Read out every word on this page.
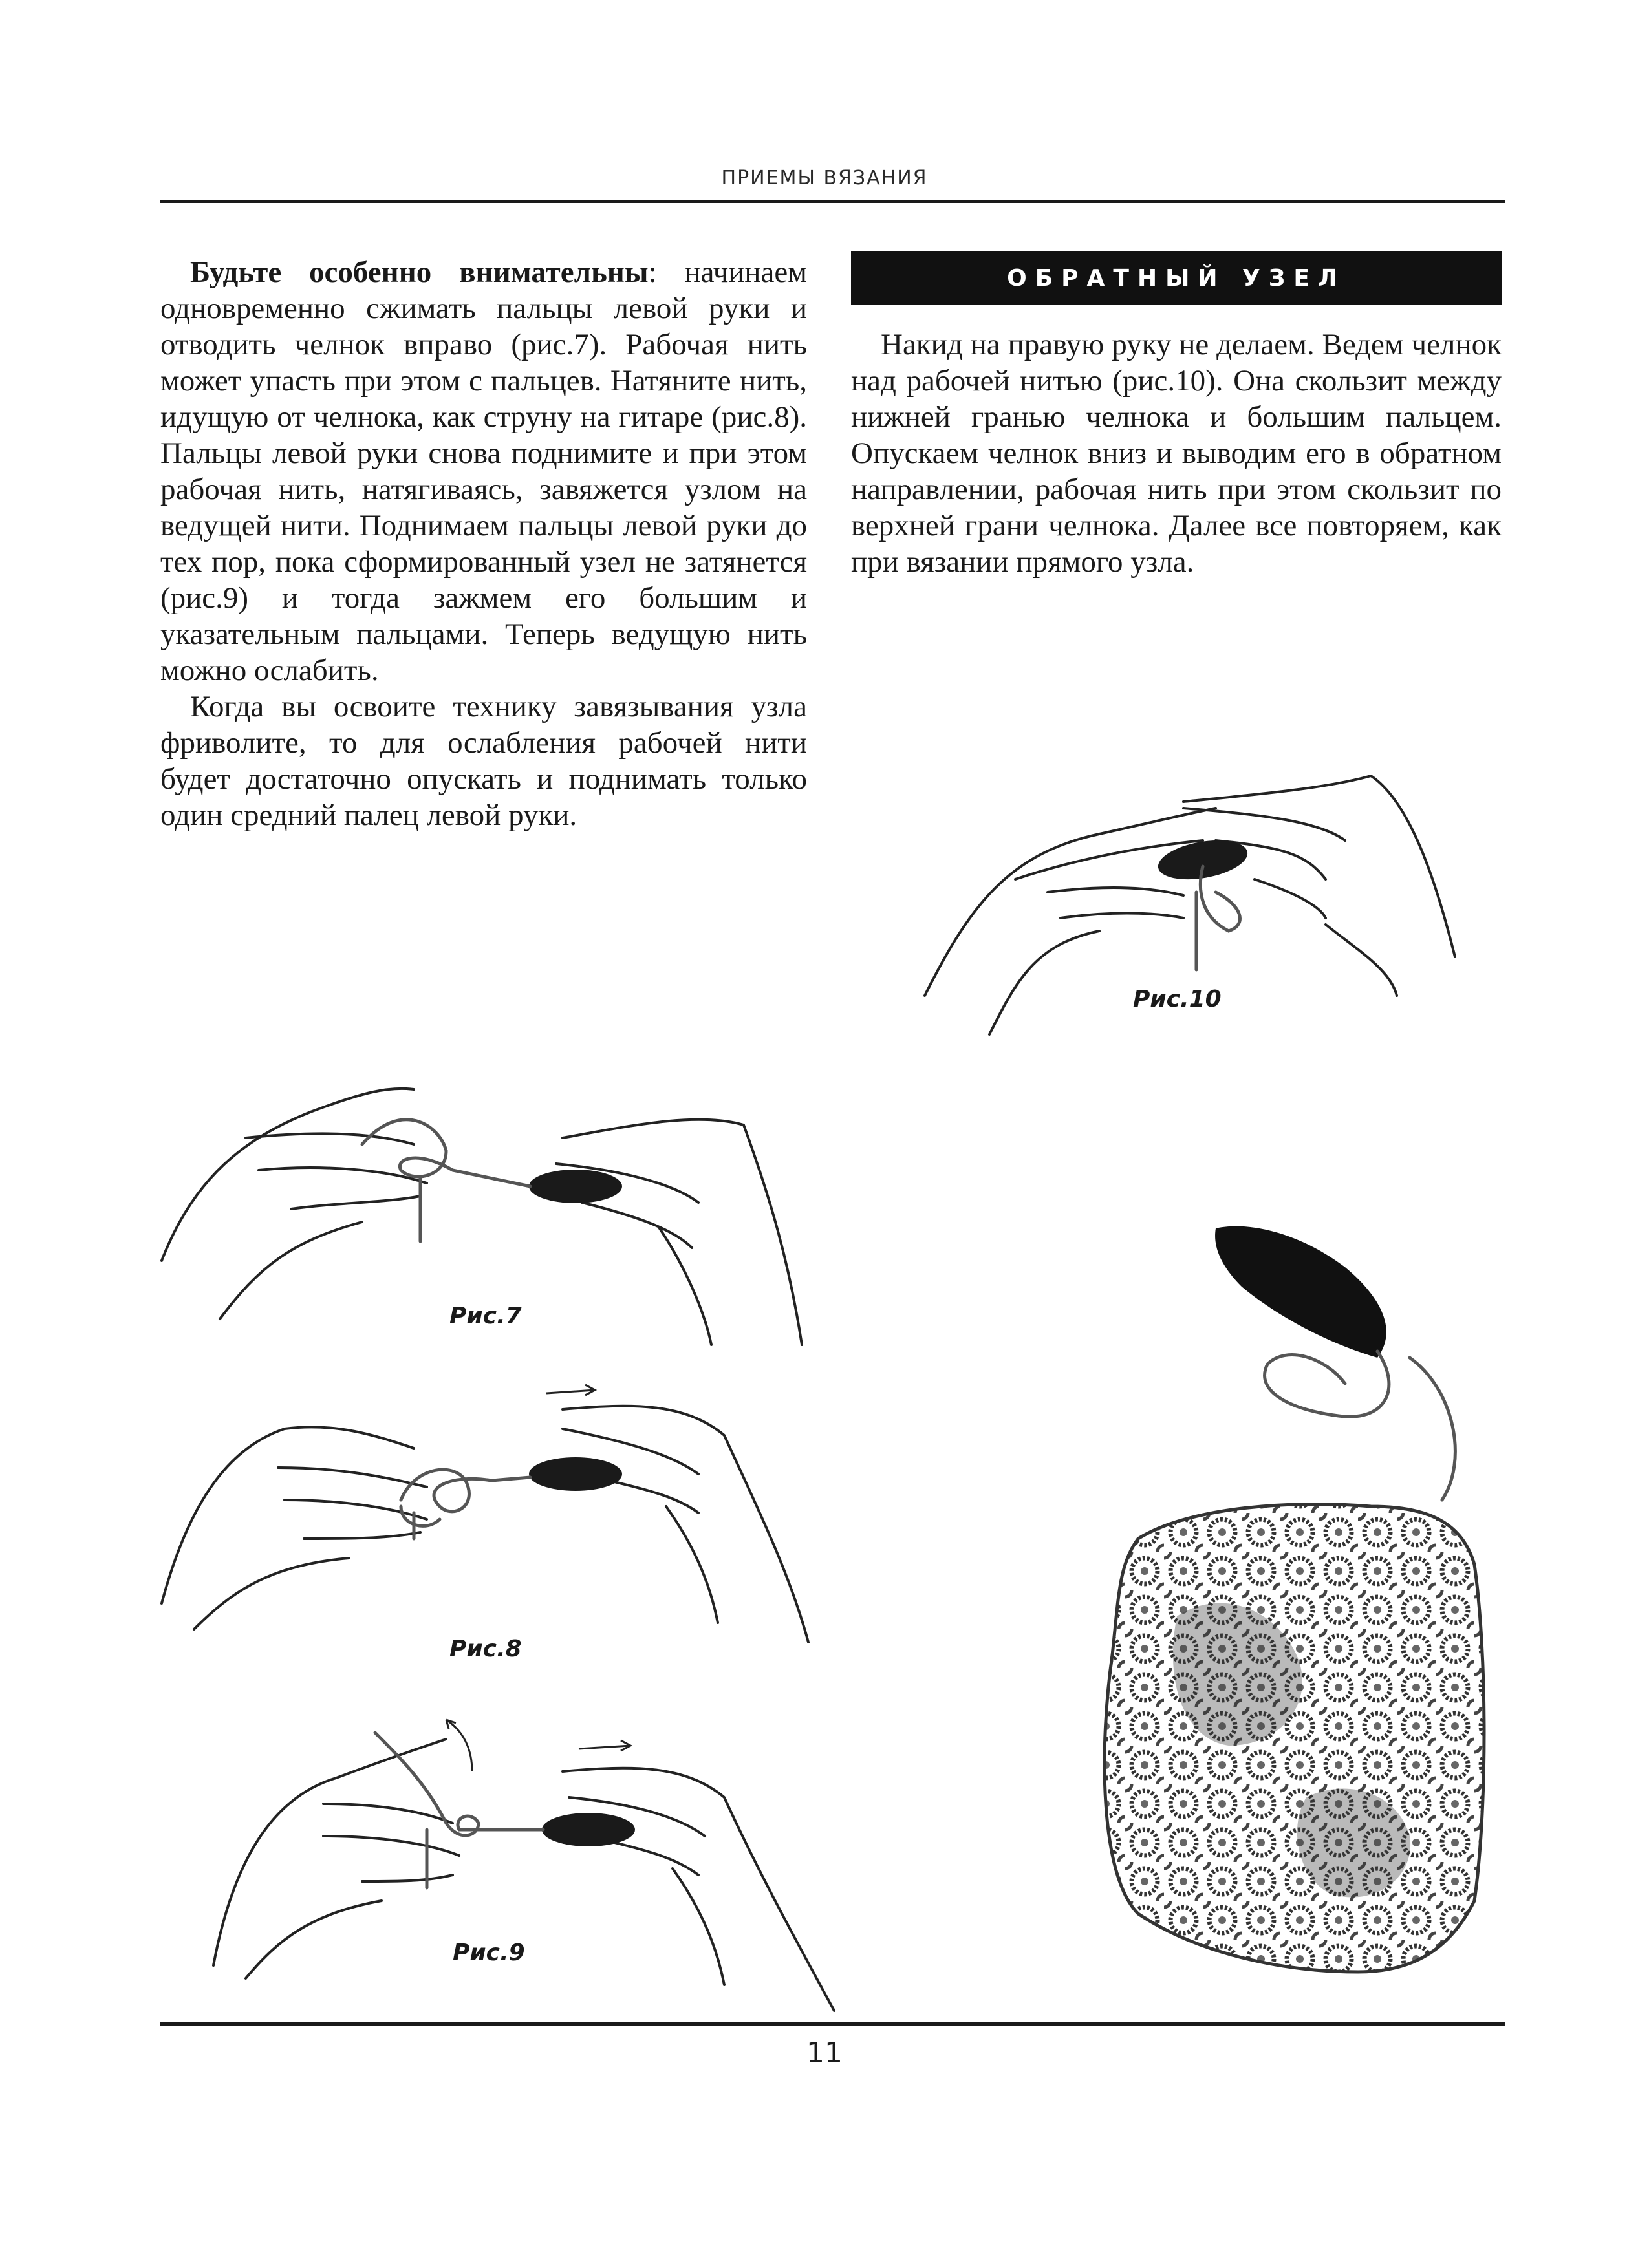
ПРИЕМЫ ВЯЗАНИЯ

Будьте особенно внимательны: начинаем одновременно сжимать пальцы левой руки и отводить челнок вправо (рис.7). Рабочая нить может упасть при этом с пальцев. Натяните нить, идущую от челнока, как струну на гитаре (рис.8). Пальцы левой руки снова поднимите и при этом рабочая нить, натягиваясь, завяжется узлом на ведущей нити. Поднимаем пальцы левой руки до тех пор, пока сформированный узел не затянется (рис.9) и тогда зажмем его большим и указательным пальцами. Теперь ведущую нить можно ослабить.

Когда вы освоите технику завязывания узла фриволите, то для ослабления рабочей нити будет достаточно опускать и поднимать только один средний палец левой руки.

ОБРАТНЫЙ УЗЕЛ

Накид на правую руку не делаем. Ведем челнок над рабочей нитью (рис.10). Она скользит между нижней гранью челнока и большим пальцем. Опускаем челнок вниз и выводим его в обратном направлении, рабочая нить при этом скользит по верхней грани челнока. Далее все повторяем, как при вязании прямого узла.

Рис.10
Рис.7
Рис.8
Рис.9
11
